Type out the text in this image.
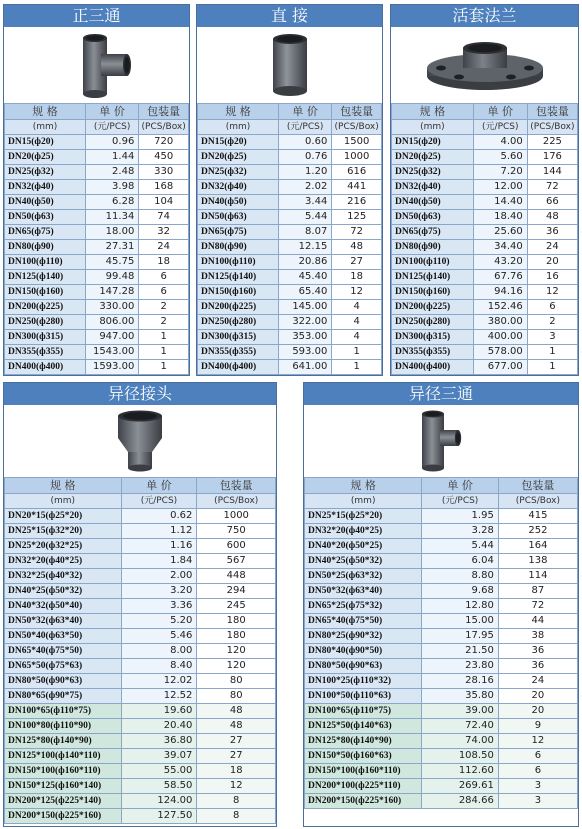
正三通
规 格	单 价	包装量
(mm)	(元/PCS)	(PCS/Box)
DN15(ф20)	0.96	720
DN20(ф25)	1.44	450
DN25(ф32)	2.48	330
DN32(ф40)	3.98	168
DN40(ф50)	6.28	104
DN50(ф63)	11.34	74
DN65(ф75)	18.00	32
DN80(ф90)	27.31	24
DN100(ф110)	45.75	18
DN125(ф140)	99.48	6
DN150(ф160)	147.28	6
DN200(ф225)	330.00	2
DN250(ф280)	806.00	2
DN300(ф315)	947.00	1
DN355(ф355)	1543.00	1
DN400(ф400)	1593.00	1
直 接
规 格	单 价	包装量
(mm)	(元/PCS)	(PCS/Box)
DN15(ф20)	0.60	1500
DN20(ф25)	0.76	1000
DN25(ф32)	1.20	616
DN32(ф40)	2.02	441
DN40(ф50)	3.44	216
DN50(ф63)	5.44	125
DN65(ф75)	8.07	72
DN80(ф90)	12.15	48
DN100(ф110)	20.86	27
DN125(ф140)	45.40	18
DN150(ф160)	65.40	12
DN200(ф225)	145.00	4
DN250(ф280)	322.00	4
DN300(ф315)	353.00	4
DN355(ф355)	593.00	1
DN400(ф400)	641.00	1
活套法兰
规 格	单 价	包装量
(mm)	(元/PCS)	(PCS/Box)
DN15(ф20)	4.00	225
DN20(ф25)	5.60	176
DN25(ф32)	7.20	144
DN32(ф40)	12.00	72
DN40(ф50)	14.40	66
DN50(ф63)	18.40	48
DN65(ф75)	25.60	36
DN80(ф90)	34.40	24
DN100(ф110)	43.20	20
DN125(ф140)	67.76	16
DN150(ф160)	94.16	12
DN200(ф225)	152.46	6
DN250(ф280)	380.00	2
DN300(ф315)	400.00	3
DN355(ф355)	578.00	1
DN400(ф400)	677.00	1
异径接头
规 格	单 价	包装量
(mm)	(元/PCS)	(PCS/Box)
DN20*15(ф25*20)	0.62	1000
DN25*15(ф32*20)	1.12	750
DN25*20(ф32*25)	1.16	600
DN32*20(ф40*25)	1.84	567
DN32*25(ф40*32)	2.00	448
DN40*25(ф50*32)	3.20	294
DN40*32(ф50*40)	3.36	245
DN50*32(ф63*40)	5.20	180
DN50*40(ф63*50)	5.46	180
DN65*40(ф75*50)	8.00	120
DN65*50(ф75*63)	8.40	120
DN80*50(ф90*63)	12.02	80
DN80*65(ф90*75)	12.52	80
DN100*65(ф110*75)	19.60	48
DN100*80(ф110*90)	20.40	48
DN125*80(ф140*90)	36.80	27
DN125*100(ф140*110)	39.07	27
DN150*100(ф160*110)	55.00	18
DN150*125(ф160*140)	58.50	12
DN200*125(ф225*140)	124.00	8
DN200*150(ф225*160)	127.50	8
异径三通
规 格	单 价	包装量
(mm)	(元/PCS)	(PCS/Box)
DN25*15(ф25*20)	1.95	415
DN32*20(ф40*25)	3.28	252
DN40*20(ф50*25)	5.44	164
DN40*25(ф50*32)	6.04	138
DN50*25(ф63*32)	8.80	114
DN50*32(ф63*40)	9.68	87
DN65*25(ф75*32)	12.80	72
DN65*40(ф75*50)	15.00	44
DN80*25(ф90*32)	17.95	38
DN80*40(ф90*50)	21.50	36
DN80*50(ф90*63)	23.80	36
DN100*25(ф110*32)	28.16	24
DN100*50(ф110*63)	35.80	20
DN100*65(ф110*75)	39.00	20
DN125*50(ф140*63)	72.40	9
DN125*80(ф140*90)	74.00	12
DN150*50(ф160*63)	108.50	6
DN150*100(ф160*110)	112.60	6
DN200*100(ф225*110)	269.61	3
DN200*150(ф225*160)	284.66	3
